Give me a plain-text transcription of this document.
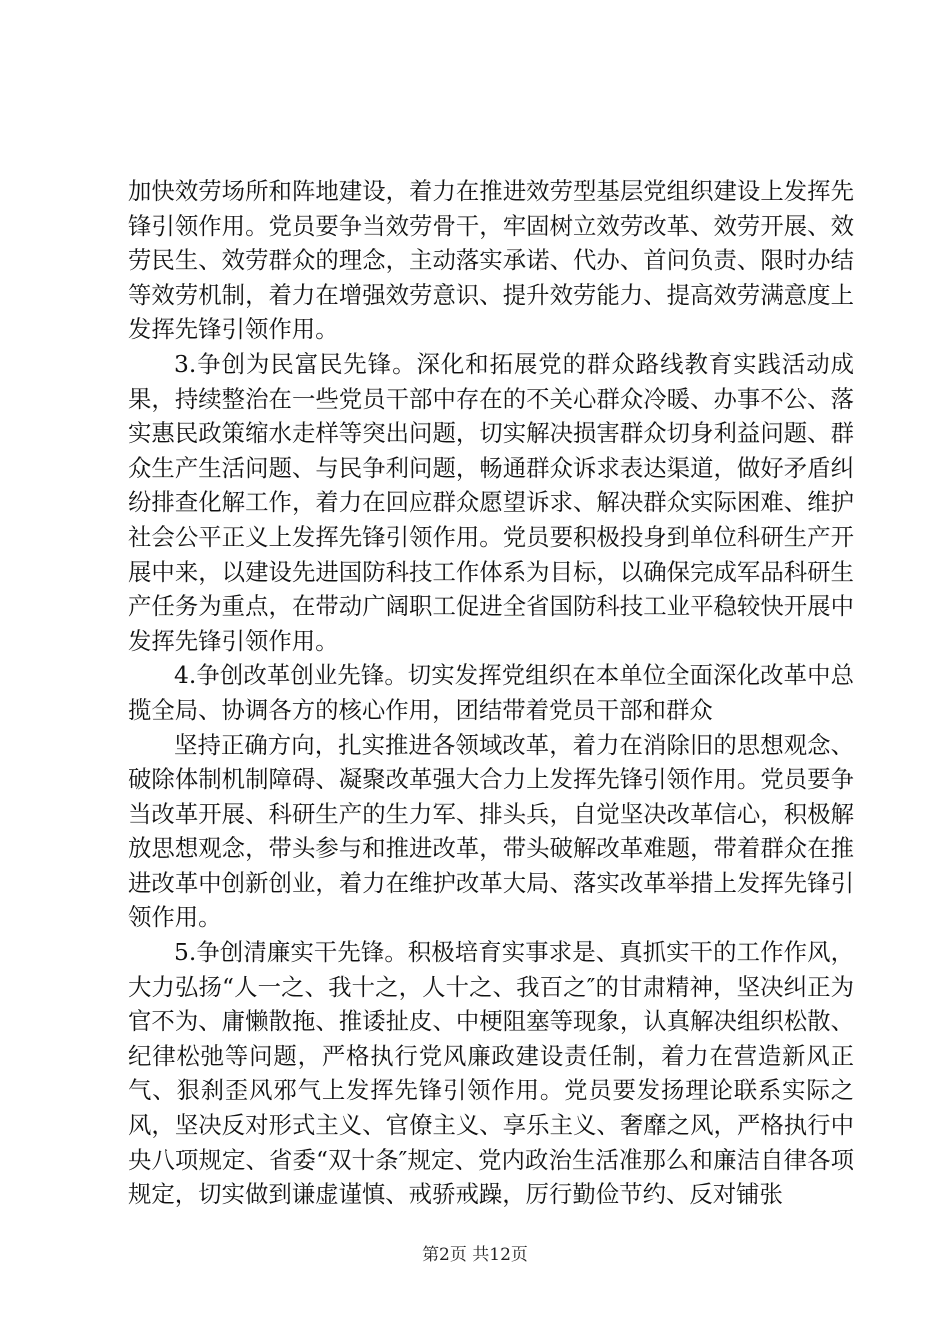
加快效劳场所和阵地建设，着力在推进效劳型基层党组织建设上发挥先锋引领作用。党员要争当效劳骨干，牢固树立效劳改革、效劳开展、效劳民生、效劳群众的理念，主动落实承诺、代办、首问负责、限时办结等效劳机制，着力在增强效劳意识、提升效劳能力、提高效劳满意度上发挥先锋引领作用。

3.争创为民富民先锋。深化和拓展党的群众路线教育实践活动成果，持续整治在一些党员干部中存在的不关心群众冷暖、办事不公、落实惠民政策缩水走样等突出问题，切实解决损害群众切身利益问题、群众生产生活问题、与民争利问题，畅通群众诉求表达渠道，做好矛盾纠纷排查化解工作，着力在回应群众愿望诉求、解决群众实际困难、维护社会公平正义上发挥先锋引领作用。党员要积极投身到单位科研生产开展中来，以建设先进国防科技工作体系为目标，以确保完成军品科研生产任务为重点，在带动广阔职工促进全省国防科技工业平稳较快开展中发挥先锋引领作用。

4.争创改革创业先锋。切实发挥党组织在本单位全面深化改革中总揽全局、协调各方的核心作用，团结带着党员干部和群众

坚持正确方向，扎实推进各领域改革，着力在消除旧的思想观念、破除体制机制障碍、凝聚改革强大合力上发挥先锋引领作用。党员要争当改革开展、科研生产的生力军、排头兵，自觉坚决改革信心，积极解放思想观念，带头参与和推进改革，带头破解改革难题，带着群众在推进改革中创新创业，着力在维护改革大局、落实改革举措上发挥先锋引领作用。

5.争创清廉实干先锋。积极培育实事求是、真抓实干的工作作风，大力弘扬“人一之、我十之，人十之、我百之″的甘肃精神，坚决纠正为官不为、庸懒散拖、推诿扯皮、中梗阻塞等现象，认真解决组织松散、纪律松弛等问题，严格执行党风廉政建设责任制，着力在营造新风正气、狠刹歪风邪气上发挥先锋引领作用。党员要发扬理论联系实际之风，坚决反对形式主义、官僚主义、享乐主义、奢靡之风，严格执行中央八项规定、省委“双十条″规定、党内政治生活准那么和廉洁自律各项规定，切实做到谦虚谨慎、戒骄戒躁，厉行勤俭节约、反对铺张

第2页 共12页
